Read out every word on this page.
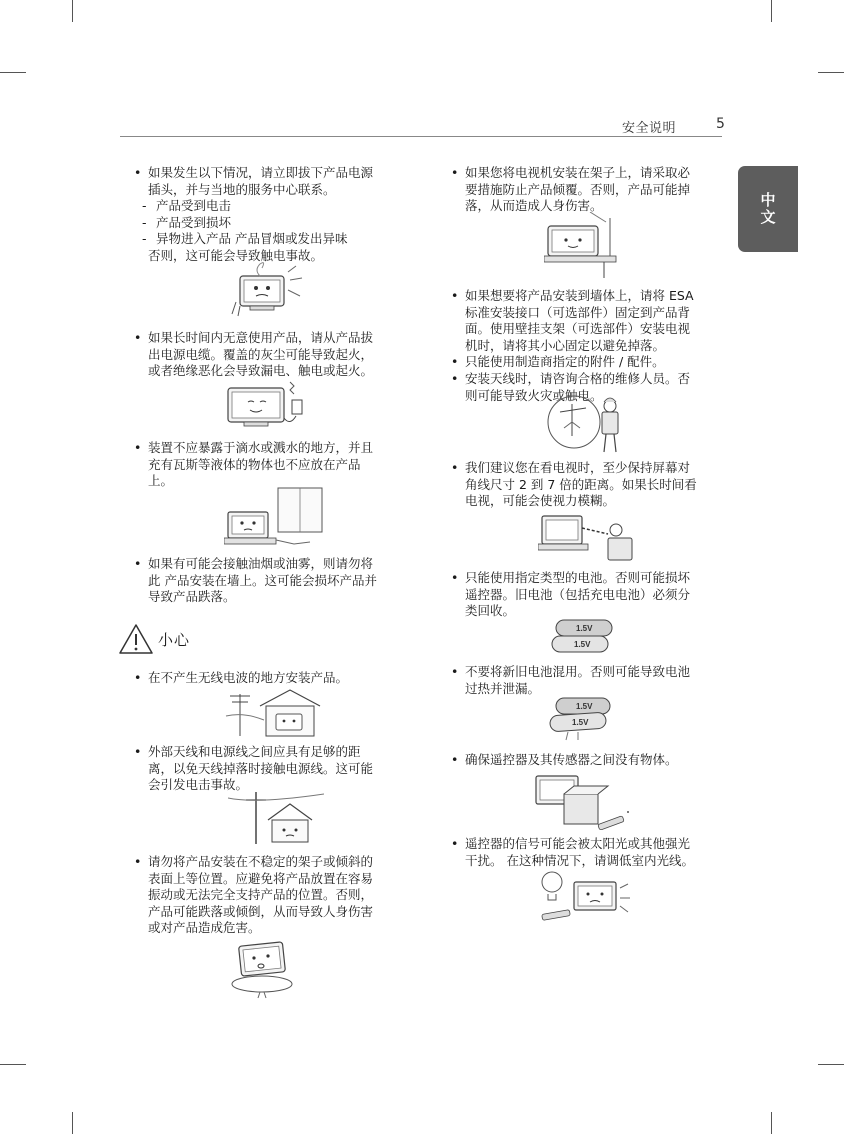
安全说明	5
中文
• 如果发生以下情况，请立即拔下产品电源
插头，并与当地的服务中心联系。
- 产品受到电击
- 产品受到损坏
- 异物进入产品 产品冒烟或发出异味
否则，这可能会导致触电事故。
• 如果长时间内无意使用产品，请从产品拔
出电源电缆。覆盖的灰尘可能导致起火，
或者绝缘恶化会导致漏电、触电或起火。
• 装置不应暴露于滴水或溅水的地方，并且
充有瓦斯等液体的物体也不应放在产品
上。
• 如果有可能会接触油烟或油雾，则请勿将
此 产品安装在墙上。这可能会损坏产品并
导致产品跌落。
小心
• 在不产生无线电波的地方安装产品。
• 外部天线和电源线之间应具有足够的距
离，以免天线掉落时接触电源线。这可能
会引发电击事故。
• 请勿将产品安装在不稳定的架子或倾斜的
表面上等位置。应避免将产品放置在容易
振动或无法完全支持产品的位置。否则，
产品可能跌落或倾倒，从而导致人身伤害
或对产品造成危害。
• 如果您将电视机安装在架子上，请采取必
要措施防止产品倾覆。否则，产品可能掉
落，从而造成人身伤害。
• 如果想要将产品安装到墙体上，请将 ESA
标准安装接口（可选部件）固定到产品背
面。使用壁挂支架（可选部件）安装电视
机时，请将其小心固定以避免掉落。
• 只能使用制造商指定的附件 / 配件。
• 安装天线时，请咨询合格的维修人员。否
则可能导致火灾或触电。
• 我们建议您在看电视时，至少保持屏幕对
角线尺寸 2 到 7 倍的距离。如果长时间看
电视，可能会使视力模糊。
• 只能使用指定类型的电池。否则可能损坏
遥控器。旧电池（包括充电电池）必须分
类回收。
1.5V
1.5V
• 不要将新旧电池混用。否则可能导致电池
过热并泄漏。
1.5V
1.5V
• 确保遥控器及其传感器之间没有物体。
• 遥控器的信号可能会被太阳光或其他强光
干扰。 在这种情况下，请调低室内光线。
